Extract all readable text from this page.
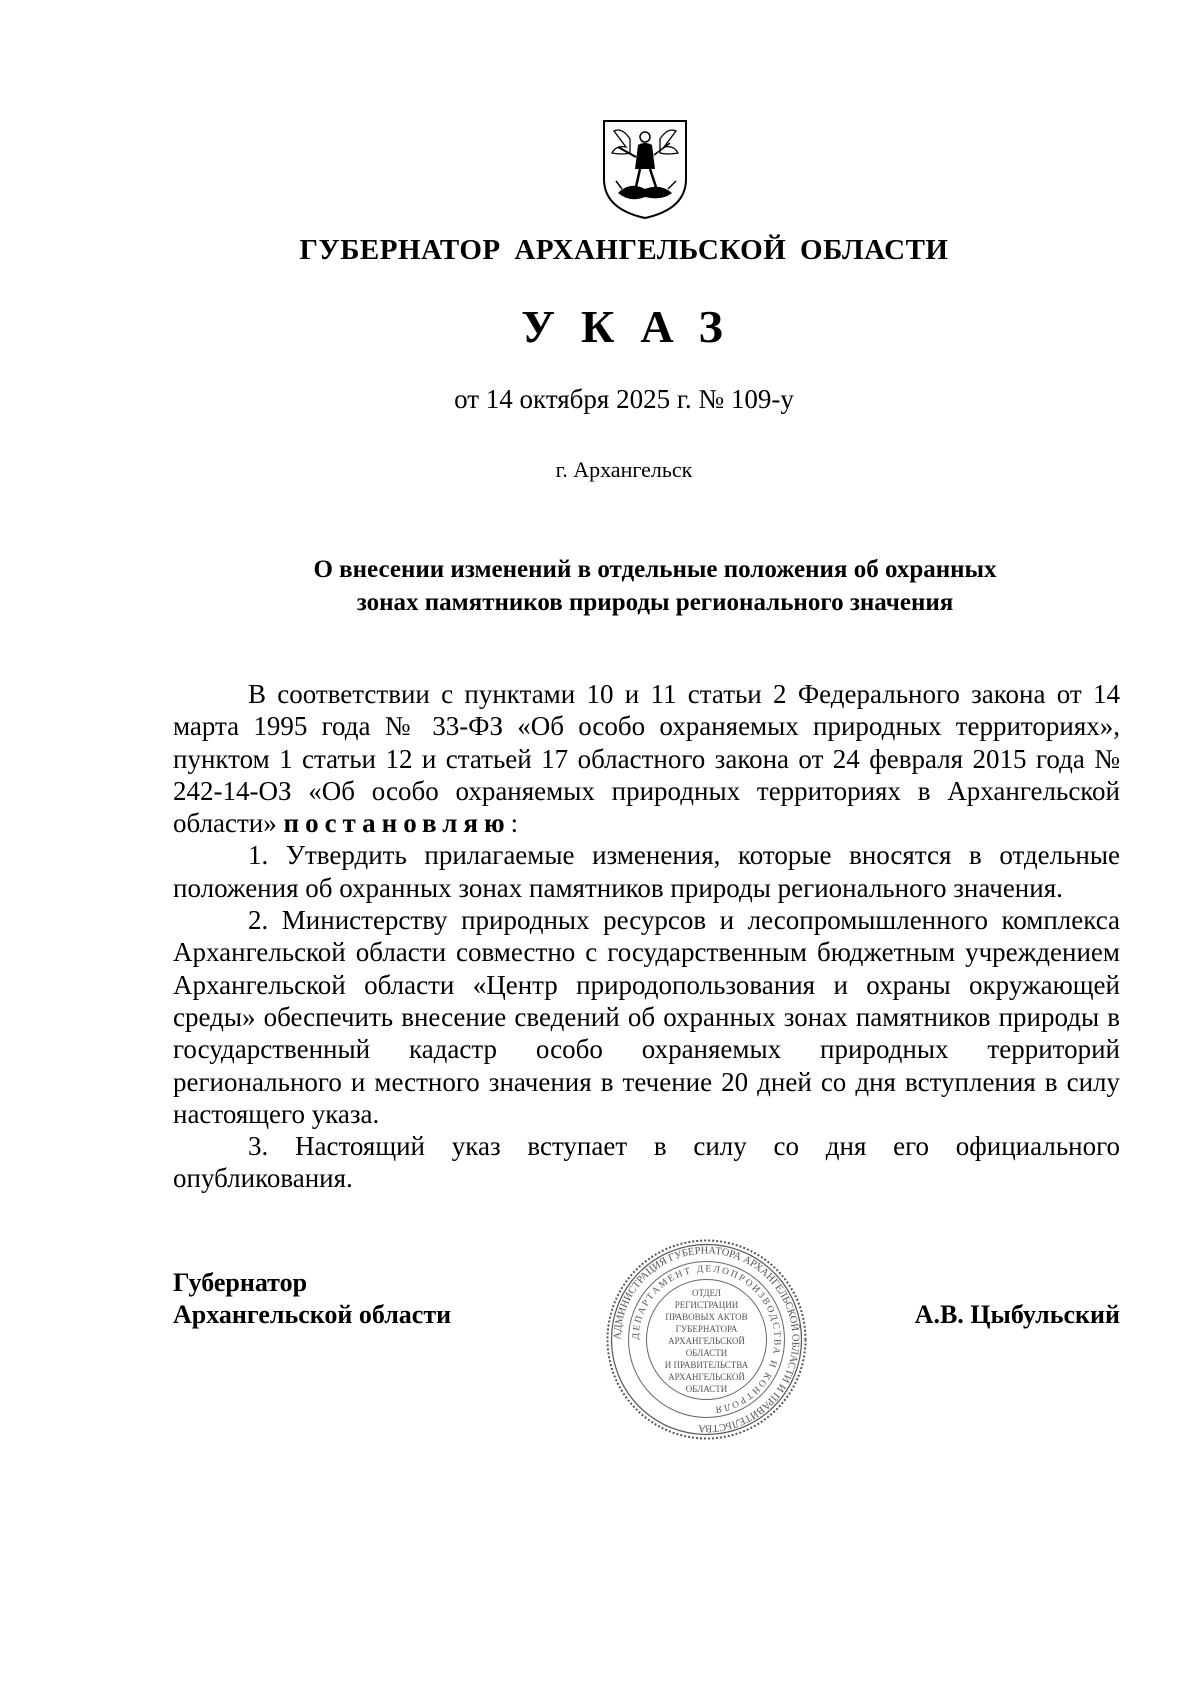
ГУБЕРНАТОР АРХАНГЕЛЬСКОЙ ОБЛАСТИ
УКАЗ
от 14 октября 2025 г. № 109-у
г. Архангельск
О внесении изменений в отдельные положения об охранных
зонах памятников природы регионального значения

В соответствии с пунктами 10 и 11 статьи 2 Федерального закона от 14 марта 1995 года № 33-ФЗ «Об особо охраняемых природных территориях», пунктом 1 статьи 12 и статьей 17 областного закона от 24 февраля 2015 года № 242-14-ОЗ «Об особо охраняемых природных территориях в Архангельской области» постановляю:

1. Утвердить прилагаемые изменения, которые вносятся в отдельные положения об охранных зонах памятников природы регионального значения.

2. Министерству природных ресурсов и лесопромышленного комплекса Архангельской области совместно с государственным бюджетным учреждением Архангельской области «Центр природопользования и охраны окружающей среды» обеспечить внесение сведений об охранных зонах памятников природы в государственный кадастр особо охраняемых природных территорий регионального и местного значения в течение 20 дней со дня вступления в силу настоящего указа.

3. Настоящий указ вступает в силу со дня его официального опубликования.

Губернатор
Архангельской области
АДМИНИСТРАЦИЯ ГУБЕРНАТОРА АРХАНГЕЛЬСКОЙ ОБЛАСТИ И ПРАВИТЕЛЬСТВА
ДЕПАРТАМЕНТ ДЕЛОПРОИЗВОДСТВА И КОНТРОЛЯ
ОТДЕЛ
РЕГИСТРАЦИИ
ПРАВОВЫХ АКТОВ
ГУБЕРНАТОРА
АРХАНГЕЛЬСКОЙ
ОБЛАСТИ
И ПРАВИТЕЛЬСТВА
АРХАНГЕЛЬСКОЙ
ОБЛАСТИ
А.В. Цыбульский
